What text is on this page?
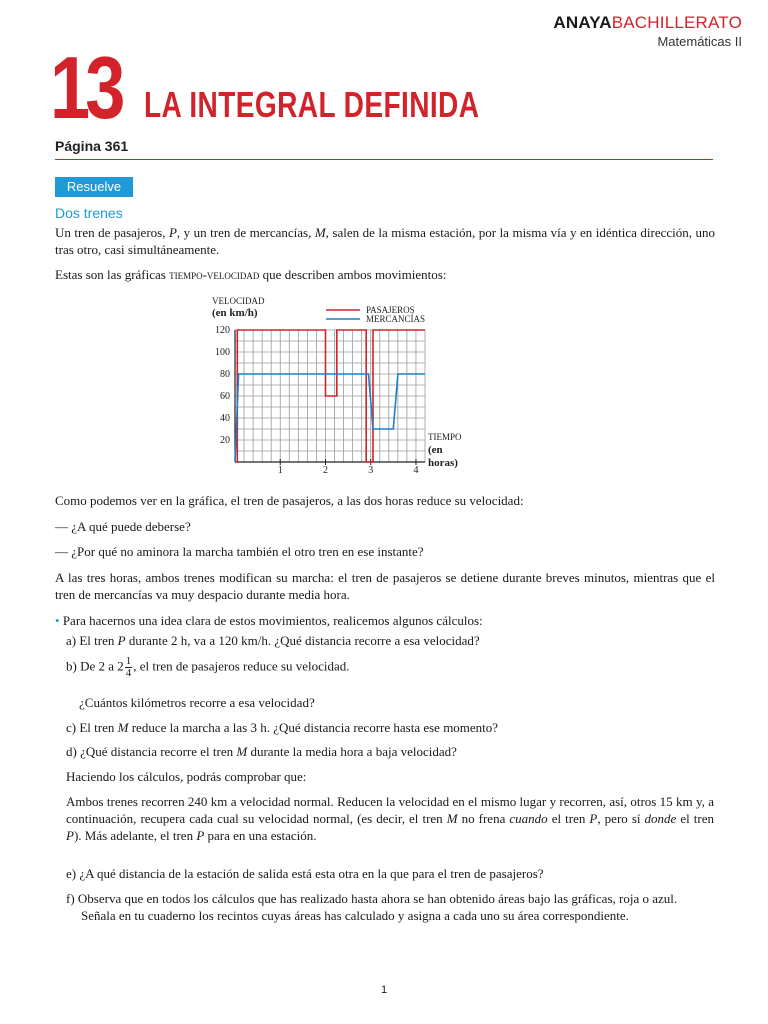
ANAYABACHILLERATO
Matemáticas II
13 LA INTEGRAL DEFINIDA
Página 361
Resuelve
Dos trenes
Un tren de pasajeros, P, y un tren de mercancías, M, salen de la misma estación, por la misma vía y en idéntica dirección, uno tras otro, casi simultáneamente.
Estas son las gráficas tiempo-velocidad que describen ambos movimientos:
120
100
80
60
40
20
1	2	3	4
VELOCIDAD
(en km/h)
TIEMPO
(en
horas)
PASAJEROS
MERCANCÍAS
Como podemos ver en la gráfica, el tren de pasajeros, a las dos horas reduce su velocidad:
— ¿A qué puede deberse?
— ¿Por qué no aminora la marcha también el otro tren en ese instante?
A las tres horas, ambos trenes modifican su marcha: el tren de pasajeros se detiene durante breves minutos, mientras que el tren de mercancías va muy despacio durante media hora.
• Para hacernos una idea clara de estos movimientos, realicemos algunos cálculos:
a) El tren P durante 2 h, va a 120 km/h. ¿Qué distancia recorre a esa velocidad?
b) De 2 a $2 \frac{1}{4}$ , el tren de pasajeros reduce su velocidad.
¿Cuántos kilómetros recorre a esa velocidad?
c) El tren M reduce la marcha a las 3 h. ¿Qué distancia recorre hasta ese momento?
d) ¿Qué distancia recorre el tren M durante la media hora a baja velocidad?
Haciendo los cálculos, podrás comprobar que:
Ambos trenes recorren 240 km a velocidad normal. Reducen la velocidad en el mismo lugar y recorren, así, otros 15 km y, a continuación, recupera cada cual su velocidad normal, (es decir, el tren M no frena cuando el tren P, pero sí donde el tren P). Más adelante, el tren P para en una estación.
e) ¿A qué distancia de la estación de salida está esta otra en la que para el tren de pasajeros?
f) Observa que en todos los cálculos que has realizado hasta ahora se han obtenido áreas bajo las gráficas, roja o azul. Señala en tu cuaderno los recintos cuyas áreas has calculado y asigna a cada uno su área correspondiente.
1
